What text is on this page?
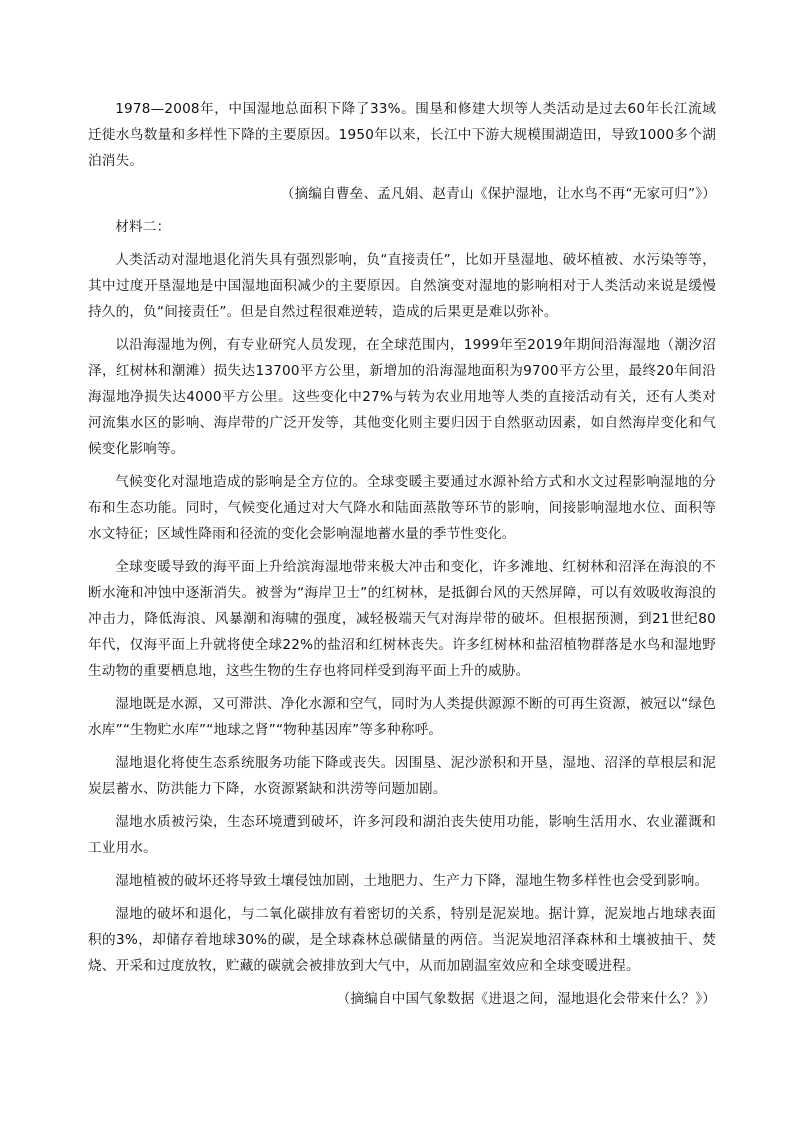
1978—2008年，中国湿地总面积下降了33%。围垦和修建大坝等人类活动是过去60年长江流域迁徙水鸟数量和多样性下降的主要原因。1950年以来，长江中下游大规模围湖造田，导致1000多个湖泊消失。

（摘编自曹垒、孟凡娟、赵青山《保护湿地，让水鸟不再“无家可归”》）

材料二：

人类活动对湿地退化消失具有强烈影响，负“直接责任”，比如开垦湿地、破坏植被、水污染等等，其中过度开垦湿地是中国湿地面积减少的主要原因。自然演变对湿地的影响相对于人类活动来说是缓慢持久的，负“间接责任”。但是自然过程很难逆转，造成的后果更是难以弥补。

以沿海湿地为例，有专业研究人员发现，在全球范围内，1999年至2019年期间沿海湿地（潮汐沼泽，红树林和潮滩）损失达13700平方公里，新增加的沿海湿地面积为9700平方公里，最终20年间沿海湿地净损失达4000平方公里。这些变化中27%与转为农业用地等人类的直接活动有关，还有人类对河流集水区的影响、海岸带的广泛开发等，其他变化则主要归因于自然驱动因素，如自然海岸变化和气候变化影响等。

气候变化对湿地造成的影响是全方位的。全球变暖主要通过水源补给方式和水文过程影响湿地的分布和生态功能。同时，气候变化通过对大气降水和陆面蒸散等环节的影响，间接影响湿地水位、面积等水文特征；区域性降雨和径流的变化会影响湿地蓄水量的季节性变化。

全球变暖导致的海平面上升给滨海湿地带来极大冲击和变化，许多滩地、红树林和沼泽在海浪的不断水淹和冲蚀中逐渐消失。被誉为“海岸卫士”的红树林，是抵御台风的天然屏障，可以有效吸收海浪的冲击力，降低海浪、风暴潮和海啸的强度，减轻极端天气对海岸带的破坏。但根据预测，到21世纪80年代，仅海平面上升就将使全球22%的盐沼和红树林丧失。许多红树林和盐沼植物群落是水鸟和湿地野生动物的重要栖息地，这些生物的生存也将同样受到海平面上升的威胁。

湿地既是水源，又可滞洪、净化水源和空气，同时为人类提供源源不断的可再生资源，被冠以“绿色水库”“生物贮水库”“地球之肾”“物种基因库”等多种称呼。

湿地退化将使生态系统服务功能下降或丧失。因围垦、泥沙淤积和开垦，湿地、沼泽的草根层和泥炭层蓄水、防洪能力下降，水资源紧缺和洪涝等问题加剧。

湿地水质被污染，生态环境遭到破坏，许多河段和湖泊丧失使用功能，影响生活用水、农业灌溉和工业用水。

湿地植被的破坏还将导致土壤侵蚀加剧，土地肥力、生产力下降，湿地生物多样性也会受到影响。

湿地的破坏和退化，与二氧化碳排放有着密切的关系，特别是泥炭地。据计算，泥炭地占地球表面积的3%，却储存着地球30%的碳，是全球森林总碳储量的两倍。当泥炭地沼泽森林和土壤被抽干、焚烧、开采和过度放牧，贮藏的碳就会被排放到大气中，从而加剧温室效应和全球变暖进程。

（摘编自中国气象数据《进退之间，湿地退化会带来什么？》）
